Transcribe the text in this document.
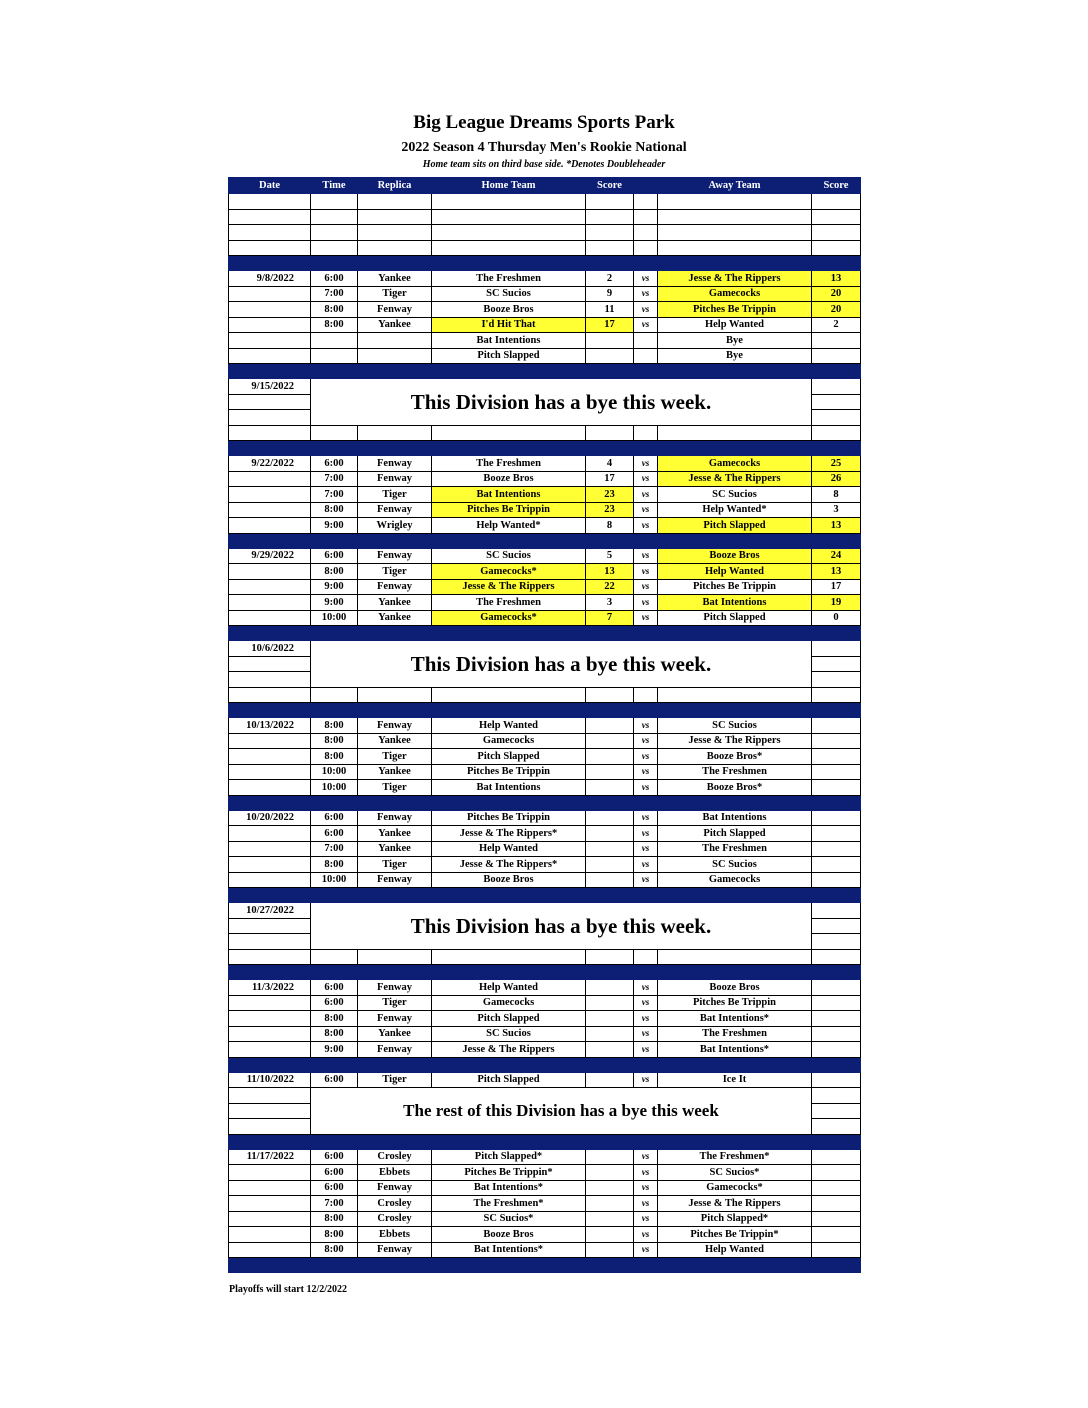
Big League Dreams Sports Park
2022 Season 4 Thursday Men's Rookie National
Home team sits on third base side. *Denotes Doubleheader
Date	Time	Replica	Home Team	Score		Away Team	Score

9/8/2022	6:00	Yankee	The Freshmen	2	vs	Jesse & The Rippers	13
	7:00	Tiger	SC Sucios	9	vs	Gamecocks	20
	8:00	Fenway	Booze Bros	11	vs	Pitches Be Trippin	20
	8:00	Yankee	I'd Hit That	17	vs	Help Wanted	2
			Bat Intentions			Bye	
			Pitch Slapped			Bye	

9/15/2022	This Division has a bye this week.						

9/22/2022	6:00	Fenway	The Freshmen	4	vs	Gamecocks	25
	7:00	Fenway	Booze Bros	17	vs	Jesse & The Rippers	26
	7:00	Tiger	Bat Intentions	23	vs	SC Sucios	8
	8:00	Fenway	Pitches Be Trippin	23	vs	Help Wanted*	3
	9:00	Wrigley	Help Wanted*	8	vs	Pitch Slapped	13

9/29/2022	6:00	Fenway	SC Sucios	5	vs	Booze Bros	24
	8:00	Tiger	Gamecocks*	13	vs	Help Wanted	13
	9:00	Fenway	Jesse & The Rippers	22	vs	Pitches Be Trippin	17
	9:00	Yankee	The Freshmen	3	vs	Bat Intentions	19
	10:00	Yankee	Gamecocks*	7	vs	Pitch Slapped	0

10/6/2022	This Division has a bye this week.						

10/13/2022	8:00	Fenway	Help Wanted		vs	SC Sucios	
	8:00	Yankee	Gamecocks		vs	Jesse & The Rippers	
	8:00	Tiger	Pitch Slapped		vs	Booze Bros*	
	10:00	Yankee	Pitches Be Trippin		vs	The Freshmen	
	10:00	Tiger	Bat Intentions		vs	Booze Bros*	

10/20/2022	6:00	Fenway	Pitches Be Trippin		vs	Bat Intentions	
	6:00	Yankee	Jesse & The Rippers*		vs	Pitch Slapped	
	7:00	Yankee	Help Wanted		vs	The Freshmen	
	8:00	Tiger	Jesse & The Rippers*		vs	SC Sucios	
	10:00	Fenway	Booze Bros		vs	Gamecocks	

10/27/2022	This Division has a bye this week.						

11/3/2022	6:00	Fenway	Help Wanted		vs	Booze Bros	
	6:00	Tiger	Gamecocks		vs	Pitches Be Trippin	
	8:00	Fenway	Pitch Slapped		vs	Bat Intentions*	
	8:00	Yankee	SC Sucios		vs	The Freshmen	
	9:00	Fenway	Jesse & The Rippers		vs	Bat Intentions*	

11/10/2022	6:00	Tiger	Pitch Slapped		vs	Ice It	
	The rest of this Division has a bye this week						

11/17/2022	6:00	Crosley	Pitch Slapped*		vs	The Freshmen*	
	6:00	Ebbets	Pitches Be Trippin*		vs	SC Sucios*	
	6:00	Fenway	Bat Intentions*		vs	Gamecocks*	
	7:00	Crosley	The Freshmen*		vs	Jesse & The Rippers	
	8:00	Crosley	SC Sucios*		vs	Pitch Slapped*	
	8:00	Ebbets	Booze Bros		vs	Pitches Be Trippin*	
	8:00	Fenway	Bat Intentions*		vs	Help Wanted	

Playoffs will start 12/2/2022
